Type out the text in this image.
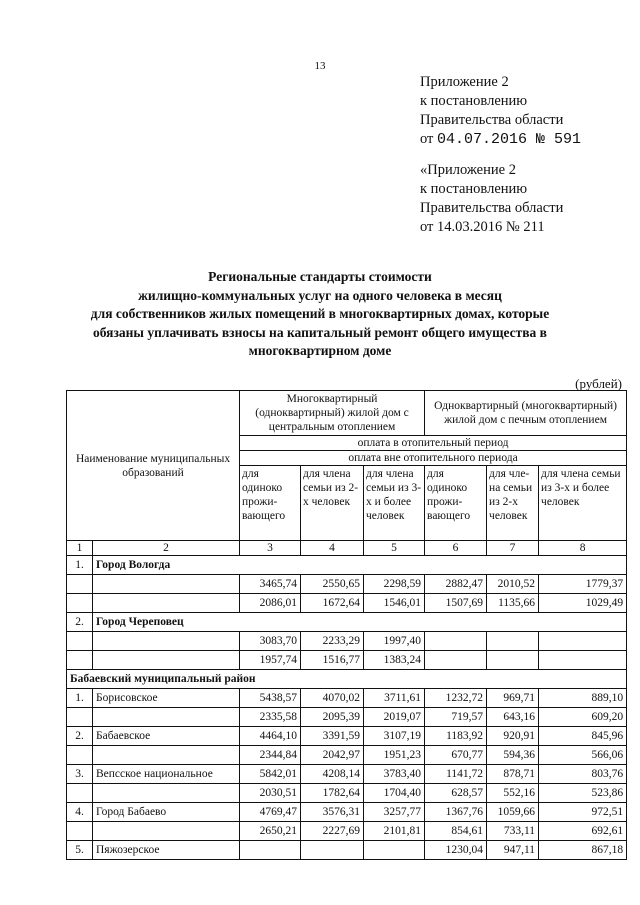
13
Приложение 2
к постановлению
Правительства области
от 04.07.2016 № 591
«Приложение 2
к постановлению
Правительства области
от 14.03.2016 № 211
Региональные стандарты стоимости
жилищно-коммунальных услуг на одного человека в месяц
для собственников жилых помещений в многоквартирных домах, которые
обязаны уплачивать взносы на капитальный ремонт общего имущества в
многоквартирном доме
(рублей)
Наименование муниципальных образований		Многоквартирный (одноквартирный) жилой дом с центральным отоплением			Одноквартирный (многоквартирный) жилой дом с печным отоплением		
		оплата в отопительный период					
		оплата вне отопительного периода					
		для одиноко прожи-вающего	для члена семьи из 2-х человек	для члена семьи из 3-х и более человек	для одиноко прожи-вающего	для чле-на семьи из 2-х человек	для члена семьи из 3-х и более человек
1	2	3	4	5	6	7	8
1.	Город Вологда						
		3465,74	2550,65	2298,59	2882,47	2010,52	1779,37
		2086,01	1672,64	1546,01	1507,69	1135,66	1029,49
2.	Город Череповец						
		3083,70	2233,29	1997,40			
		1957,74	1516,77	1383,24			
Бабаевский муниципальный район							
1.	Борисовское	5438,57	4070,02	3711,61	1232,72	969,71	889,10
		2335,58	2095,39	2019,07	719,57	643,16	609,20
2.	Бабаевское	4464,10	3391,59	3107,19	1183,92	920,91	845,96
		2344,84	2042,97	1951,23	670,77	594,36	566,06
3.	Вепсское национальное	5842,01	4208,14	3783,40	1141,72	878,71	803,76
		2030,51	1782,64	1704,40	628,57	552,16	523,86
4.	Город Бабаево	4769,47	3576,31	3257,77	1367,76	1059,66	972,51
		2650,21	2227,69	2101,81	854,61	733,11	692,61
5.	Пяжозерское				1230,04	947,11	867,18
